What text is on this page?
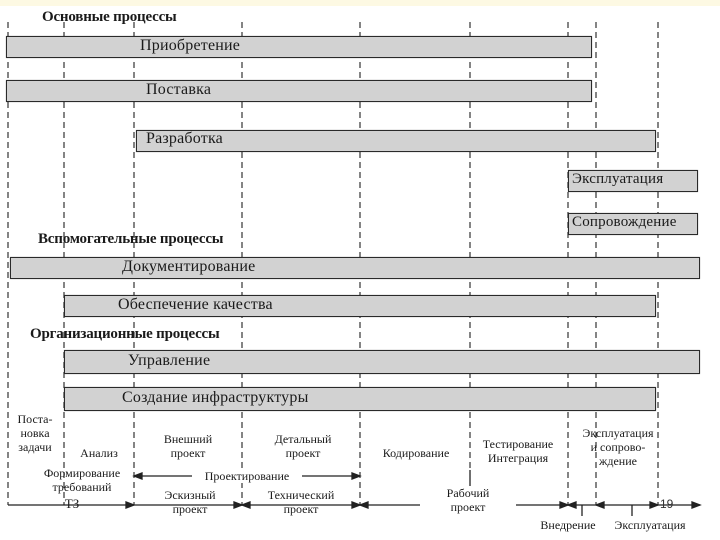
Основные процессы
Вспомогательные процессы
Организационные процессы
Приобретение
Поставка
Разработка
Эксплуатация
Сопровождение
Документирование
Обеспечение качества
Управление
Создание инфраструктуры
Поста-
новка
задачи	Анализ
Формирование
требований
ТЗ
Внешний
проект
Детальный
проект	Кодирование
Тестирование
Интеграция
Эксплуатация
и сопрово-
ждение
Проектирование
Эскизный
проект
Технический
проект
Рабочий
проект
Внедрение	Эксплуатация
19
